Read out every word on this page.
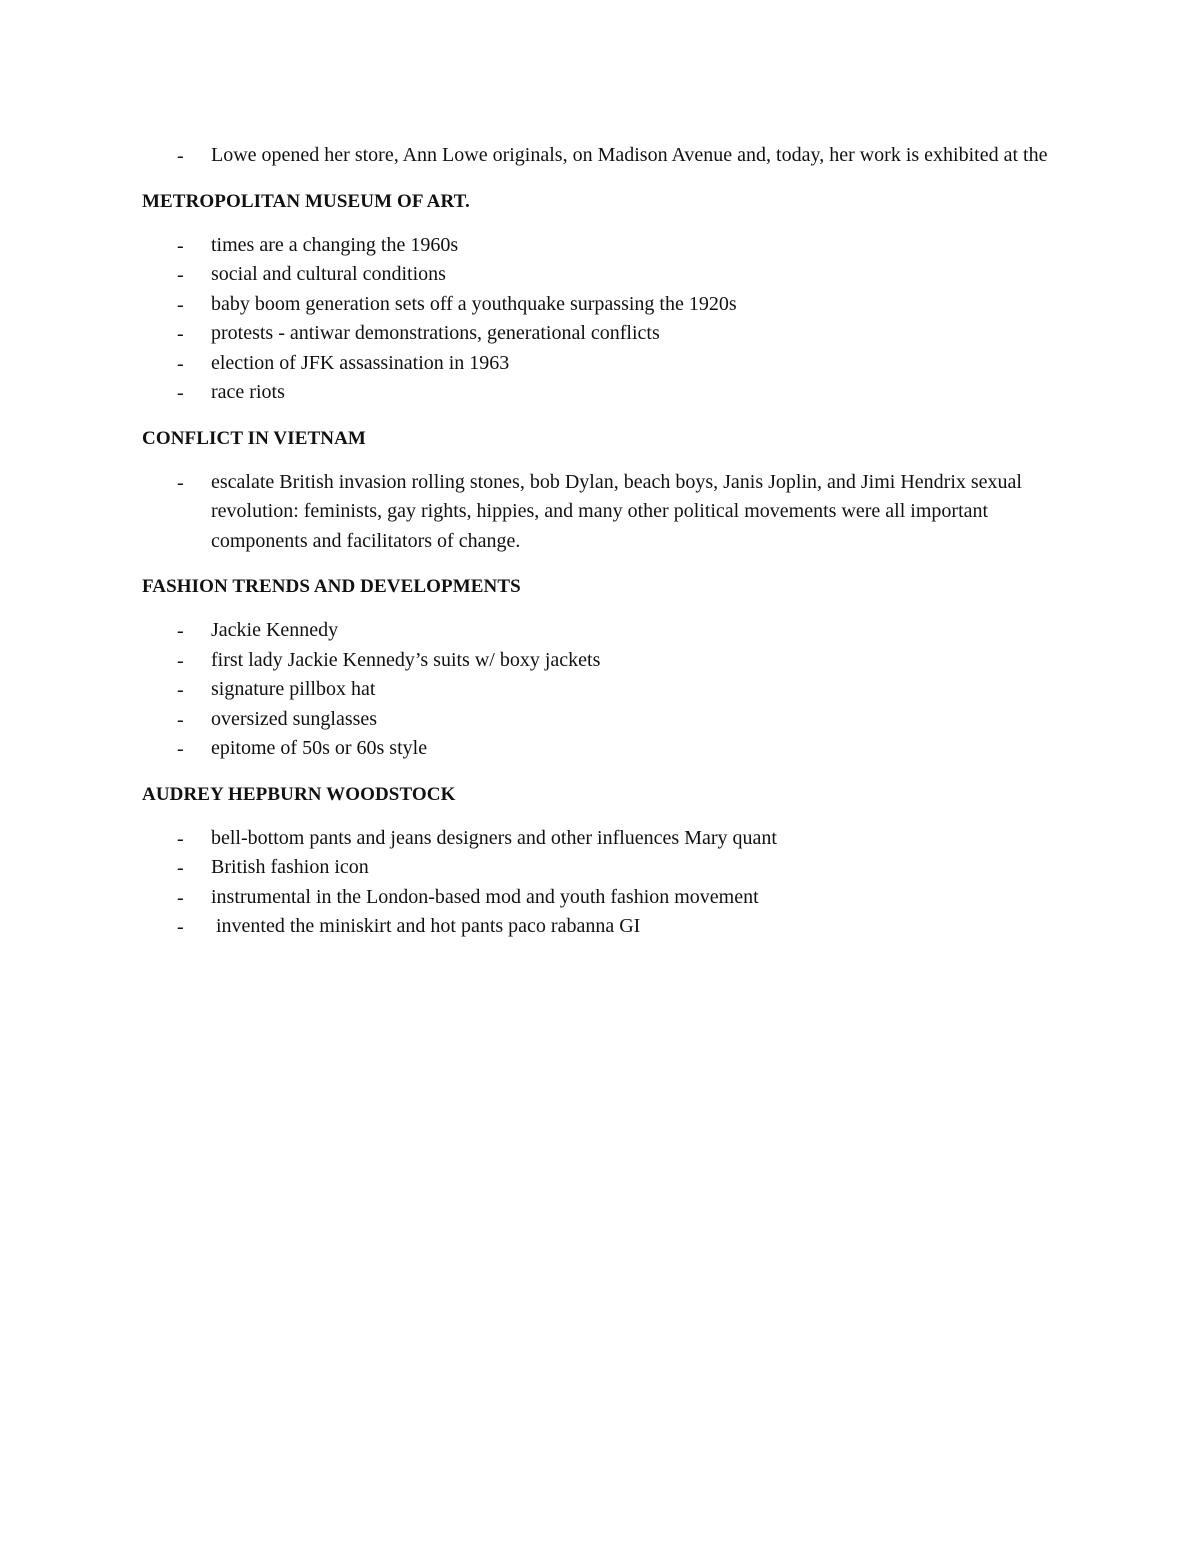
- Lowe opened her store, Ann Lowe originals, on Madison Avenue and, today, her work is exhibited at the
METROPOLITAN MUSEUM OF ART.
- times are a changing the 1960s
- social and cultural conditions
- baby boom generation sets off a youthquake surpassing the 1920s
- protests - antiwar demonstrations, generational conflicts
- election of JFK assassination in 1963
- race riots
CONFLICT IN VIETNAM
- escalate British invasion rolling stones, bob Dylan, beach boys, Janis Joplin, and Jimi Hendrix sexual revolution: feminists, gay rights, hippies, and many other political movements were all important components and facilitators of change.
FASHION TRENDS AND DEVELOPMENTS
- Jackie Kennedy
- first lady Jackie Kennedy’s suits w/ boxy jackets
- signature pillbox hat
- oversized sunglasses
- epitome of 50s or 60s style
AUDREY HEPBURN WOODSTOCK
- bell-bottom pants and jeans designers and other influences Mary quant
- British fashion icon
- instrumental in the London-based mod and youth fashion movement
- invented the miniskirt and hot pants paco rabanna GI
